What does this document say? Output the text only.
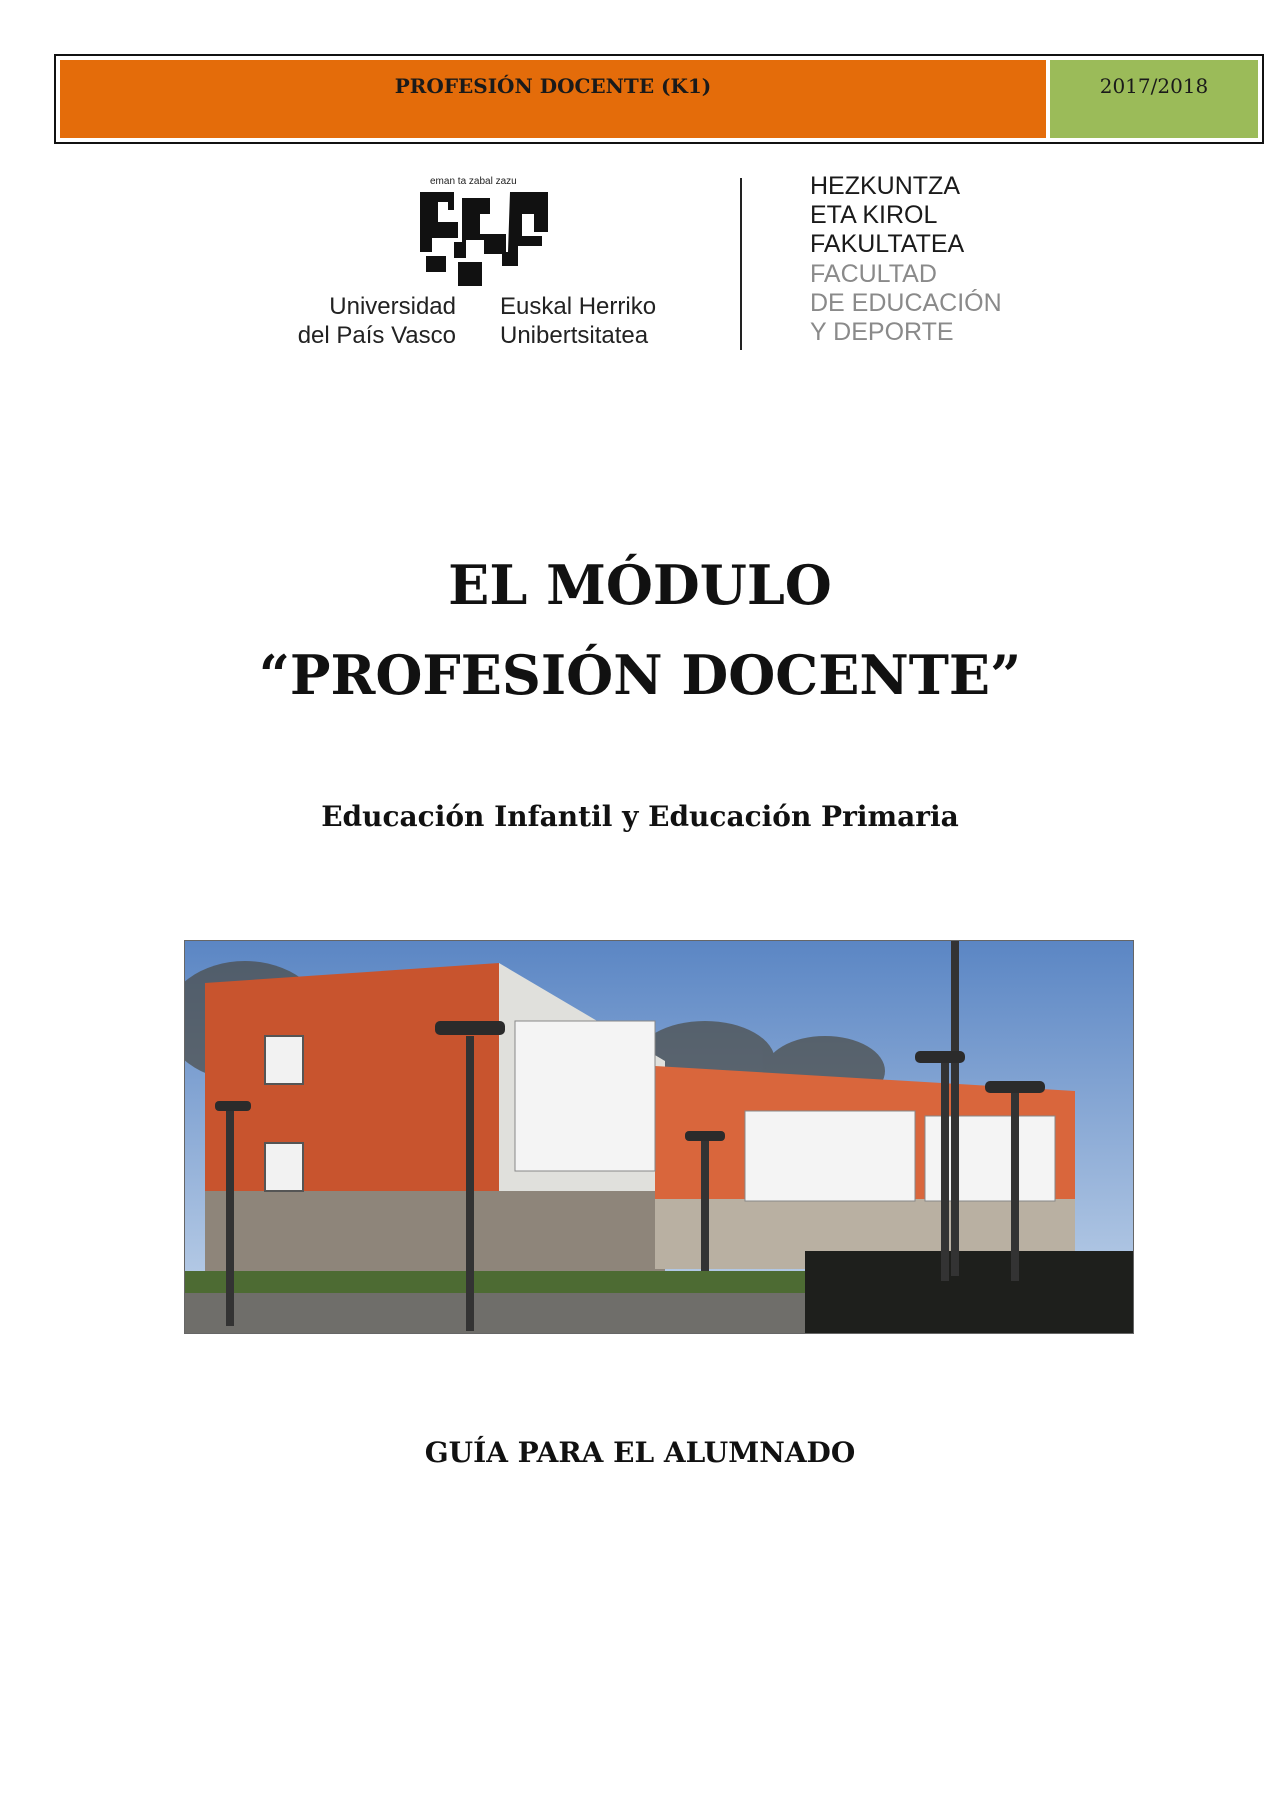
PROFESIÓN DOCENTE (K1)	2017/2018
eman ta zabal zazu
Universidad
del País Vasco
Euskal Herriko
Unibertsitatea
HEZKUNTZA
ETA KIROL
FAKULTATEA
FACULTAD
DE EDUCACIÓN
Y DEPORTE
EL MÓDULO
“PROFESIÓN DOCENTE”
Educación Infantil y Educación Primaria
GUÍA PARA EL ALUMNADO
